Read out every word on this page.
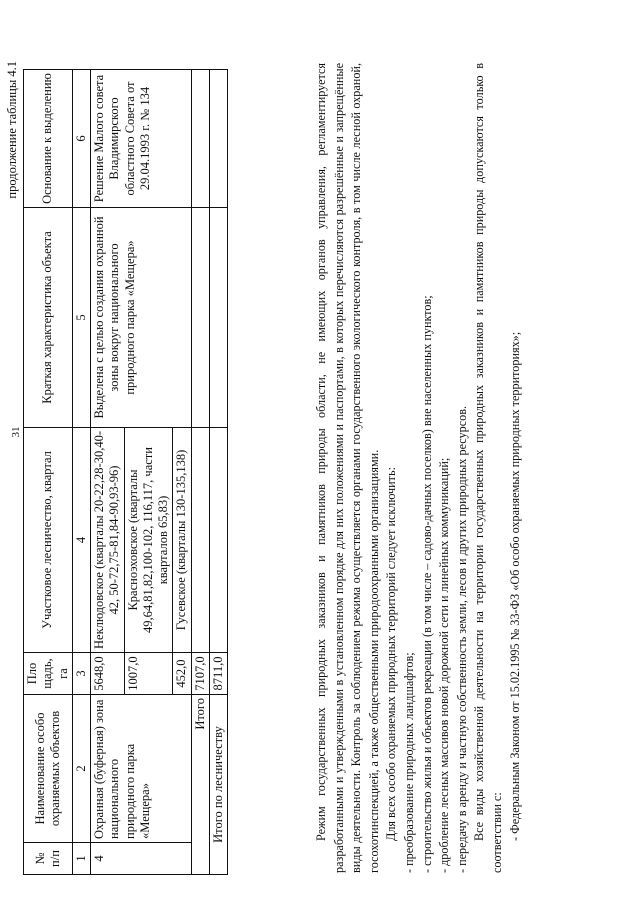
31
продолжение таблицы 4.1
№ п/п	Наименование особо охраняемых объектов	Пло щадь, га	Участковое лесничество, квартал	Краткая характеристика объекта	Основание к выделению
1	2	3	4	5	6
4	Охранная (буферная) зона национального природного парка «Мещера»	5648,0	Неклюдовское (кварталы 20-22,28-30,40-42, 50-72,75-81,84-90,93-96)	Выделена с целью создания охранной зоны вокруг национального природного парка «Мещера»	Решение Малого совета Владимирского областного Совета от 29.04.1993 г. № 134
		1007,0	Красноэховское (кварталы 49,64,81,82,100-102, 116,117, части кварталов 65,83)		
		452,0	Гусевское (кварталы 130-135,138)		
Итого		7107,0			
Итого по лесничеству		8711,0				Режим государственных природных заказников и памятников природы области, не имеющих органов управления, регламентируется разработанными и утвержденными в установленном порядке для них положениями и паспортами, в которых перечисляются разрешённые и запрещённые виды деятельности. Контроль за соблюдением режима осуществляется органами государственного экологического контроля, в том числе лесной охраной, госохотинспекцией, а также общественными природоохранными организациями. Для всех особо охраняемых природных территорий следует исключить: - преобразование природных ландшафтов; - строительство жилья и объектов рекреации (в том числе – садово-дачных поселков) вне населенных пунктов; - дробление лесных массивов новой дорожной сети и линейных коммуникаций; - передачу в аренду и частную собственность земли, лесов и других природных ресурсов. Все виды хозяйственной деятельности на территории государственных природных заказников и памятников природы допускаются только в соответствии с: - Федеральным Законом от 15.02.1995 № 33-ФЗ «Об особо охраняемых природных территориях»;
